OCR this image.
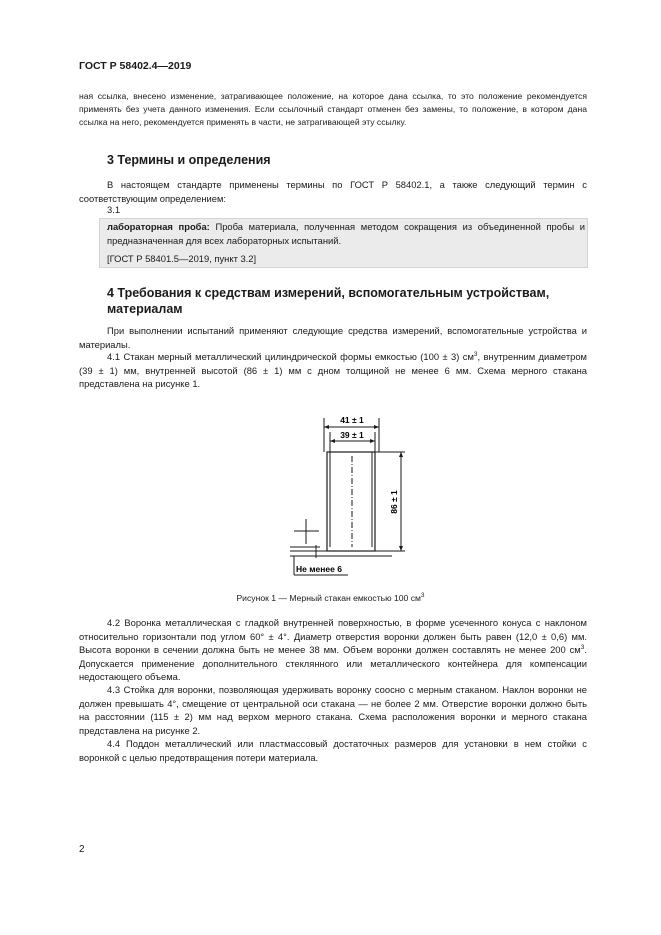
ГОСТ Р 58402.4—2019

ная ссылка, внесено изменение, затрагивающее положение, на которое дана ссылка, то это положение рекомендуется применять без учета данного изменения. Если ссылочный стандарт отменен без замены, то положение, в котором дана ссылка на него, рекомендуется применять в части, не затрагивающей эту ссылку.

3 Термины и определения

В настоящем стандарте применены термины по ГОСТ Р 58402.1, а также следующий термин с соответствующим определением:

3.1

лабораторная проба: Проба материала, полученная методом сокращения из объединенной пробы и предназначенная для всех лабораторных испытаний.

[ГОСТ Р 58401.5—2019, пункт 3.2]
4 Требования к средствам измерений, вспомогательным устройствам,
материалам

При выполнении испытаний применяют следующие средства измерений, вспомогательные устройства и материалы.

4.1 Стакан мерный металлический цилиндрической формы емкостью (100 ± 3) $см^3$, внутренним диаметром (39 ± 1) мм, внутренней высотой (86 ± 1) мм с дном толщиной не менее 6 мм. Схема мерного стакана представлена на рисунке 1.

41 ± 1
39 ± 1
86 ± 1
Не менее 6
Рисунок 1 — Мерный стакан емкостью 100 $см^3$

4.2 Воронка металлическая с гладкой внутренней поверхностью, в форме усеченного конуса с наклоном относительно горизонтали под углом 60° ± 4°. Диаметр отверстия воронки должен быть равен (12,0 ± 0,6) мм. Высота воронки в сечении должна быть не менее 38 мм. Объем воронки должен составлять не менее 200 $см^3$. Допускается применение дополнительного стеклянного или металлического контейнера для компенсации недостающего объема.

4.3 Стойка для воронки, позволяющая удерживать воронку соосно с мерным стаканом. Наклон воронки не должен превышать 4°, смещение от центральной оси стакана — не более 2 мм. Отверстие воронки должно быть на расстоянии (115 ± 2) мм над верхом мерного стакана. Схема расположения воронки и мерного стакана представлена на рисунке 2.

4.4 Поддон металлический или пластмассовый достаточных размеров для установки в нем стойки с воронкой с целью предотвращения потери материала.

2
